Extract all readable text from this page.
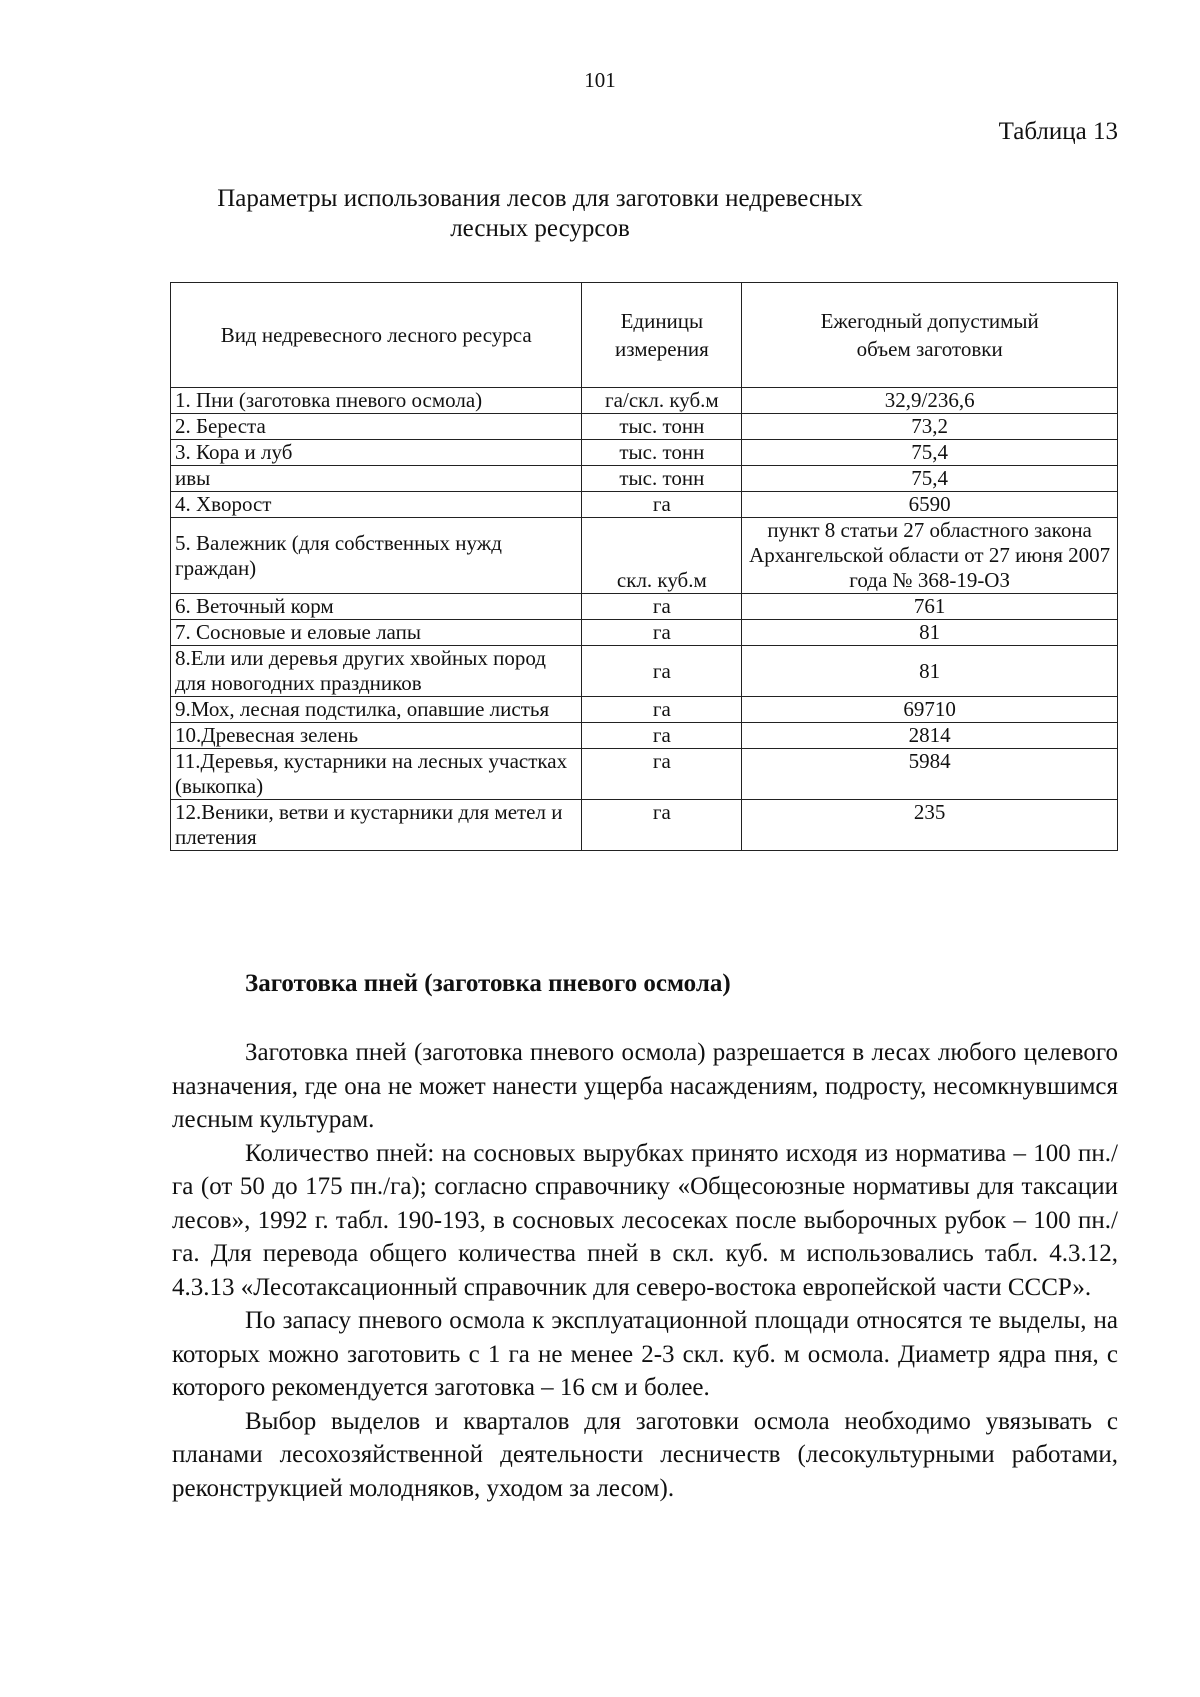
101
Таблица 13
Параметры использования лесов для заготовки недревесных
лесных ресурсов
Вид недревесного лесного ресурса	Единицы измерения	Ежегодный допустимый объем заготовки
1. Пни (заготовка пневого осмола)	га/скл. куб.м	32,9/236,6
2. Береста	тыс. тонн	73,2
3. Кора и луб	тыс. тонн	75,4
ивы	тыс. тонн	75,4
4. Хворост	га	6590
5. Валежник (для собственных нужд граждан)	скл. куб.м	пункт 8 статьи 27 областного закона Архангельской области от 27 июня 2007 года № 368-19-ОЗ
6. Веточный корм	га	761
7. Сосновые и еловые лапы	га	81
8.Ели или деревья других хвойных пород для новогодних праздников	га	81
9.Мох, лесная подстилка, опавшие листья	га	69710
10.Древесная зелень	га	2814
11.Деревья, кустарники на лесных участках (выкопка)	га	5984
12.Веники, ветви и кустарники для метел и плетения	га	235
Заготовка пней (заготовка пневого осмола)

Заготовка пней (заготовка пневого осмола) разрешается в лесах любого целевого назначения, где она не может нанести ущерба насаждениям, подросту, несомкнувшимся лесным культурам.

Количество пней: на сосновых вырубках принято исходя из норматива – 100 пн./га (от 50 до 175 пн./га); согласно справочнику «Общесоюзные нормативы для таксации лесов», 1992 г. табл. 190-193, в сосновых лесосеках после выборочных рубок – 100 пн./га. Для перевода общего количества пней в скл. куб. м использовались табл. 4.3.12, 4.3.13 «Лесотаксационный справочник для северо-востока европейской части СССР».

По запасу пневого осмола к эксплуатационной площади относятся те выделы, на которых можно заготовить с 1 га не менее 2-3 скл. куб. м осмола. Диаметр ядра пня, с которого рекомендуется заготовка – 16 см и более.

Выбор выделов и кварталов для заготовки осмола необходимо увязывать с планами лесохозяйственной деятельности лесничеств (лесокультурными работами, реконструкцией молодняков, уходом за лесом).
